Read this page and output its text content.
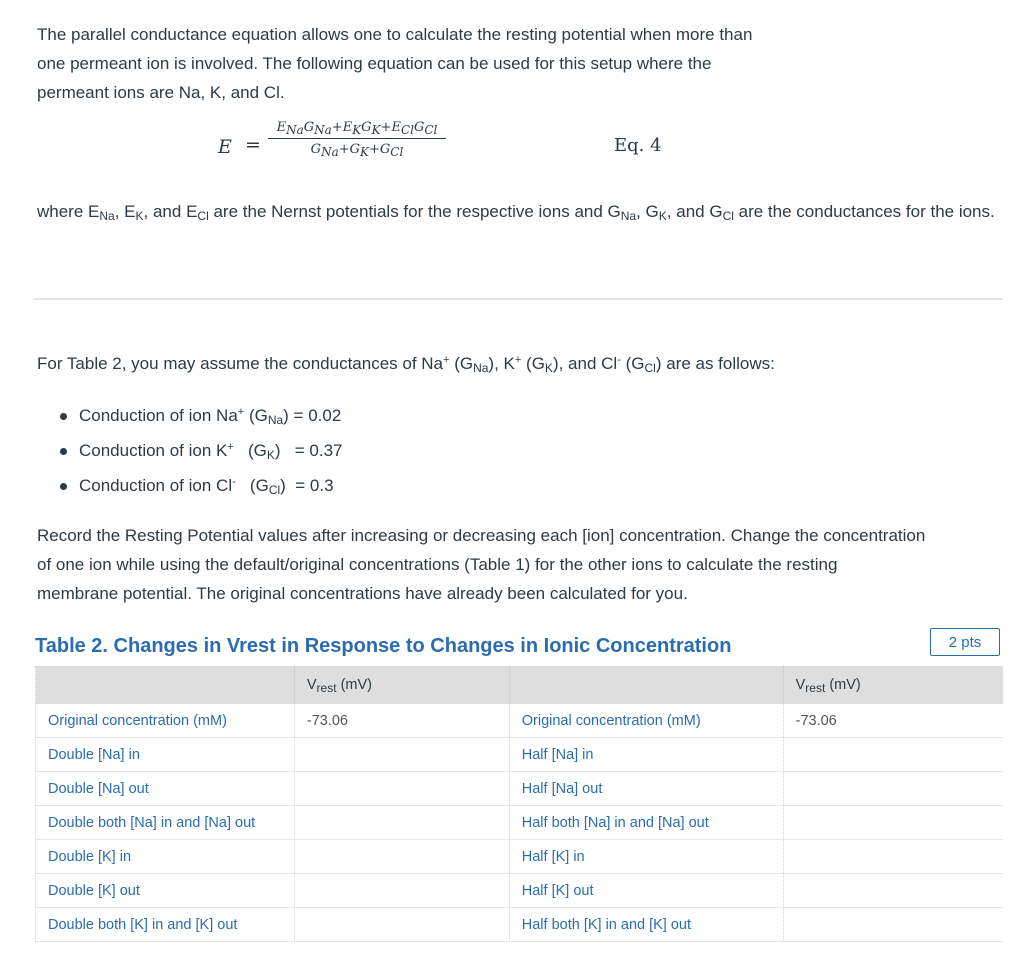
The parallel conductance equation allows one to calculate the resting potential when more than
one permeant ion is involved. The following equation can be used for this setup where the
permeant ions are Na, K, and Cl.

E =
$E_{Na}G_{Na}+E_KG_K+E_{Cl}G_{Cl}$
$G_{Na}+G_K+G_{Cl}$	Eq. 4

where $E_{Na}$, $E_K$, and $E_{Cl}$ are the Nernst potentials for the respective ions and $G_{Na}$, $G_K$, and $G_{Cl}$ are the conductances for the ions.

For Table 2, you may assume the conductances of Na+ $(G_{Na})$, K+ $(G_K)$, and Cl- $(G_{Cl})$ are as follows:

Conduction of ion Na+ $(G_{Na}) = 0.02$
Conduction of ion K+   $(G_K) = 0.37$
Conduction of ion Cl-   $(G_{Cl}) = 0.3$

Record the Resting Potential values after increasing or decreasing each [ion] concentration. Change the concentration
of one ion while using the default/original concentrations (Table 1) for the other ions to calculate the resting
membrane potential. The original concentrations have already been calculated for you.

Table 2. Changes in Vrest in Response to Changes in Ionic Concentration	2 pts
	$V_{rest}$ (mV)		$V_{rest}$ (mV)
Original concentration (mM)	-73.06	Original concentration (mM)	-73.06
Double [Na] in		Half [Na] in	
Double [Na] out		Half [Na] out	
Double both [Na] in and [Na] out		Half both [Na] in and [Na] out	
Double [K] in		Half [K] in	
Double [K] out		Half [K] out	
Double both [K] in and [K] out		Half both [K] in and [K] out	
